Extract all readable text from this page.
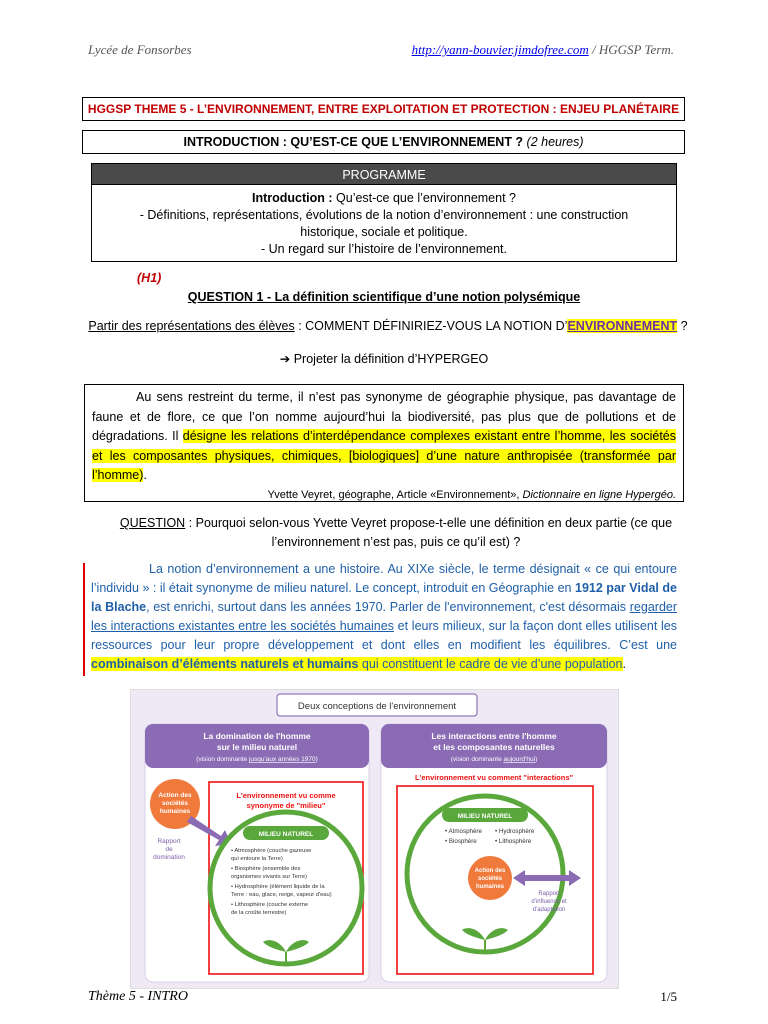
Lycée de Fonsorbes	http://yann-bouvier.jimdofree.com / HGGSP Term.
HGGSP THEME 5 - L’ENVIRONNEMENT, ENTRE EXPLOITATION ET PROTECTION : ENJEU PLANÉTAIRE
INTRODUCTION : QU’EST-CE QUE L’ENVIRONNEMENT ? (2 heures)
PROGRAMME
Introduction : Qu’est-ce que l’environnement ?
- Définitions, représentations, évolutions de la notion d’environnement : une construction
historique, sociale et politique.
- Un regard sur l’histoire de l’environnement.
(H1)
QUESTION 1 - La définition scientifique d’une notion polysémique
Partir des représentations des élèves : COMMENT DÉFINIRIEZ-VOUS LA NOTION D’ENVIRONNEMENT ?
➔ Projeter la définition d’HYPERGEO
Au sens restreint du terme, il n’est pas synonyme de géographie physique, pas davantage de faune et de flore, ce que l’on nomme aujourd’hui la biodiversité, pas plus que de pollutions et de dégradations. Il désigne les relations d’interdépendance complexes existant entre l’homme, les sociétés et les composantes physiques, chimiques, [biologiques] d’une nature anthropisée (transformée par l’homme).
Yvette Veyret, géographe, Article «Environnement», Dictionnaire en ligne Hypergéo.
QUESTION : Pourquoi selon-vous Yvette Veyret propose-t-elle une définition en deux partie (ce que l’environnement n’est pas, puis ce qu’il est) ?
La notion d’environnement a une histoire. Au XIXe siècle, le terme désignait « ce qui entoure l’individu » : il était synonyme de milieu naturel. Le concept, introduit en Géographie en 1912 par Vidal de la Blache, est enrichi, surtout dans les années 1970. Parler de l'environnement, c'est désormais regarder les interactions existantes entre les sociétés humaines et leurs milieux, sur la façon dont elles utilisent les ressources pour leur propre développement et dont elles en modifient les équilibres. C’est une combinaison d’éléments naturels et humains qui constituent le cadre de vie d’une population.
Deux conceptions de l'environnement
La domination de l'homme
sur le milieu naturel
(vision dominante jusqu'aux années 1970)
L'environnement vu comme
synonyme de "milieu"
Action des
sociétés
humaines
Rapport
de
domination
MILIEU NATUREL
• Atmosphère (couche gazeuse
qui entoure la Terre)
• Biosphère (ensemble des
organismes vivants sur Terre)
• Hydrosphère (élément liquide de la
Terre : eau, glace, neige, vapeur d'eau)
• Lithosphère (couche externe
de la croûte terrestre)
Les interactions entre l'homme
et les composantes naturelles
(vision dominante aujourd'hui)
L'environnement vu comment "interactions"
MILIEU NATUREL
• Atmosphère • Hydrosphère
• Biosphère	• Lithosphère
Action des
sociétés
humaines
Rapport
d'influence et
d'adaptation
Thème 5 - INTRO	1/5
